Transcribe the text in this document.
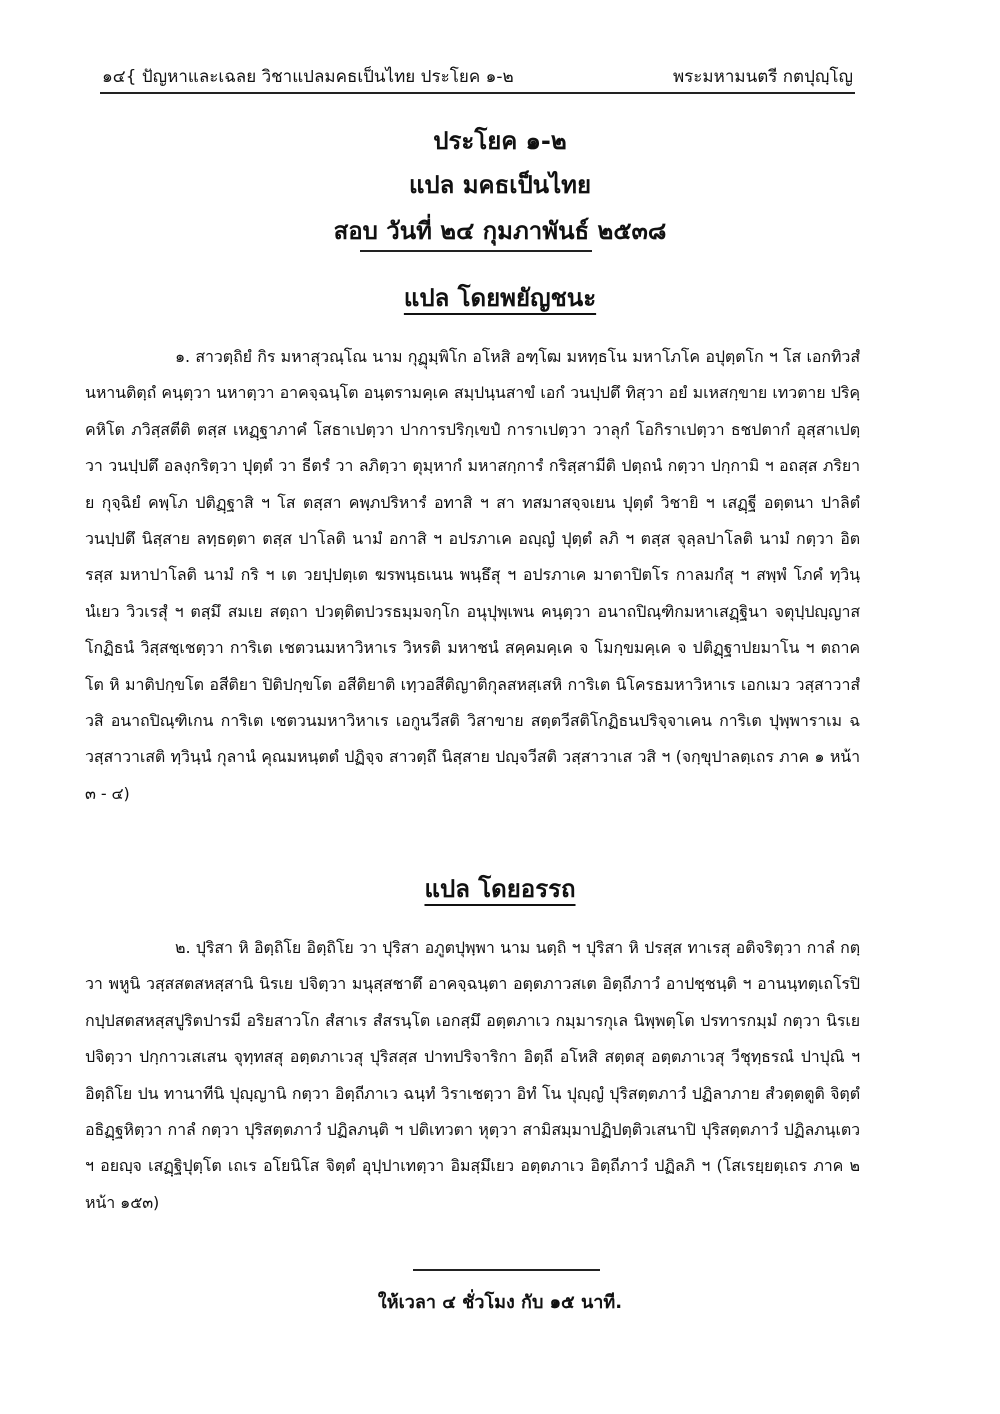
๑๔{ ปัญหาและเฉลย วิชาแปลมคธเป็นไทย ประโยค ๑-๒	พระมหามนตรี กตปุญฺโญ
ประโยค ๑-๒
แปล มคธเป็นไทย
สอบ วันที่ ๒๔ กุมภาพันธ์ ๒๕๓๘
แปล โดยพยัญชนะ
๑. สาวตฺถิยํ กิร มหาสุวณฺโณ นาม กุฏุมฺพิโก อโหสิ อฑฺโฒ มหทฺธโน มหาโภโค อปุตฺตโก ฯ โส เอกทิวสํ นหานติตฺถํ คนฺตฺวา นหาตฺวา อาคจฺฉนฺโต อนฺตรามคฺเค สมฺปนฺนสาขํ เอกํ วนปฺปตึ ทิสฺวา อยํ มเหสกฺขาย เทวตาย ปริคฺคหิโต ภวิสฺสตีติ ตสฺส เหฏฺฐาภาคํ โสธาเปตฺวา ปาการปริกฺเขปํ การาเปตฺวา วาลุกํ โอกิราเปตฺวา ธชปตากํ อุสฺสาเปตฺวา วนปฺปตึ อลงฺกริตฺวา ปุตฺตํ วา ธีตรํ วา ลภิตฺวา ตุมฺหากํ มหาสกฺการํ กริสฺสามีติ ปตฺถนํ กตฺวา ปกฺกามิ ฯ อถสฺส ภริยาย กุจฺฉิยํ คพฺโภ ปติฏฺฐาสิ ฯ โส ตสฺสา คพฺภปริหารํ อทาสิ ฯ สา ทสมาสจฺจเยน ปุตฺตํ วิชายิ ฯ เสฏฺฐี อตฺตนา ปาลิตํ วนปฺปตึ นิสฺสาย ลทฺธตฺตา ตสฺส ปาโลติ นามํ อกาสิ ฯ อปรภาเค อญฺญํ ปุตฺตํ ลภิ ฯ ตสฺส จุลฺลปาโลติ นามํ กตฺวา อิตรสฺส มหาปาโลติ นามํ กริ ฯ เต วยปฺปตฺเต ฆรพนฺธเนน พนฺธึสุ ฯ อปรภาเค มาตาปิตโร กาลมกํสุ ฯ สพฺพํ โภคํ ทฺวินฺนํเยว วิวเรสุํ ฯ ตสฺมึ สมเย สตฺถา ปวตฺติตปวรธมฺมจกฺโก อนุปุพฺเพน คนฺตฺวา อนาถปิณฺฑิกมหาเสฏฺฐินา จตุปฺปญฺญาสโกฏิธนํ วิสฺสชฺเชตฺวา การิเต เชตวนมหาวิหาเร วิหรติ มหาชนํ สคฺคมคฺเค จ โมกฺขมคฺเค จ ปติฏฺฐาปยมาโน ฯ ตถาคโต หิ มาติปกฺขโต อสีติยา ปิติปกฺขโต อสีติยาติ เทฺวอสีติญาติกุลสหสฺเสหิ การิเต นิโครธมหาวิหาเร เอกเมว วสฺสาวาสํ วสิ อนาถปิณฺฑิเกน การิเต เชตวนมหาวิหาเร เอกูนวีสติ วิสาขาย สตฺตวีสติโกฏิธนปริจฺจาเคน การิเต ปุพฺพาราเม ฉ วสฺสาวาเสติ ทฺวินฺนํ กุลานํ คุณมหนฺตตํ ปฏิจฺจ สาวตฺถึ นิสฺสาย ปญฺจวีสติ วสฺสาวาเส วสิ ฯ (จกฺขุปาลตฺเถร ภาค ๑ หน้า ๓ - ๔)
แปล โดยอรรถ
๒. ปุริสา หิ อิตฺถิโย อิตฺถิโย วา ปุริสา อภูตปุพฺพา นาม นตฺถิ ฯ ปุริสา หิ ปรสฺส ทาเรสุ อติจริตฺวา กาลํ กตฺวา พหูนิ วสฺสสตสหสฺสานิ นิรเย ปจิตฺวา มนุสฺสชาตึ อาคจฺฉนฺตา อตฺตภาวสเต อิตฺถีภาวํ อาปชฺชนฺติ ฯ อานนฺทตฺเถโรปิ กปฺปสตสหสฺสปูริตปารมี อริยสาวโก สํสาเร สํสรนฺโต เอกสฺมึ อตฺตภาเว กมฺมารกุเล นิพฺพตฺโต ปรทารกมฺมํ กตฺวา นิรเย ปจิตฺวา ปกฺกาวเสเสน จุทฺทสสุ อตฺตภาเวสุ ปุริสสฺส ปาทปริจาริกา อิตฺถี อโหสิ สตฺตสุ อตฺตภาเวสุ วีชุทฺธรณํ ปาปุณิ ฯ อิตฺถิโย ปน ทานาทีนิ ปุญฺญานิ กตฺวา อิตฺถีภาเว ฉนฺทํ วิราเชตฺวา อิทํ โน ปุญฺญํ ปุริสตฺตภาวํ ปฏิลาภาย สํวตฺตตูติ จิตฺตํ อธิฏฺฐหิตฺวา กาลํ กตฺวา ปุริสตฺตภาวํ ปฏิลภนฺติ ฯ ปติเทวตา หุตฺวา สามิสมฺมาปฏิปตฺติวเสนาปิ ปุริสตฺตภาวํ ปฏิลภนฺเตว ฯ อยญฺจ เสฏฺฐิปุตฺโต เถเร อโยนิโส จิตฺตํ อุปฺปาเทตฺวา อิมสฺมึเยว อตฺตภาเว อิตฺถีภาวํ ปฏิลภิ ฯ (โสเรยฺยตฺเถร ภาค ๒ หน้า ๑๕๓)
ให้เวลา ๔ ชั่วโมง กับ ๑๕ นาที.
